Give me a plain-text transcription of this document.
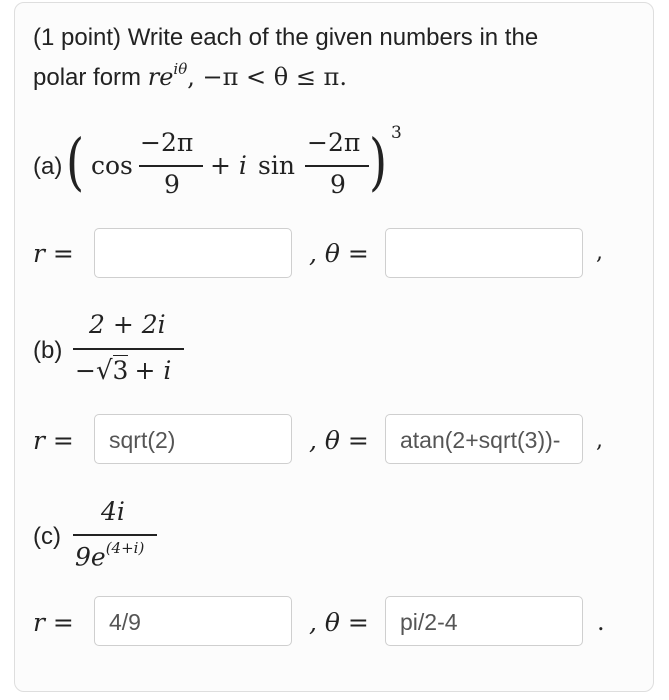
(1 point) Write each of the given numbers in the
polar form $re^{i\theta}$, −π < θ ≤ π.
(a) ( cos
−2π
9
+ i sin
−2π
9 ) 3
r =	, θ =	,
(b)
2 + 2i
−√3 + i
r =	sqrt(2)	, θ =	atan(2+sqrt(3))-	,
(c)
4i
$9e^{(4+i)}$
r =	4/9	, θ =	pi/2-4	.
